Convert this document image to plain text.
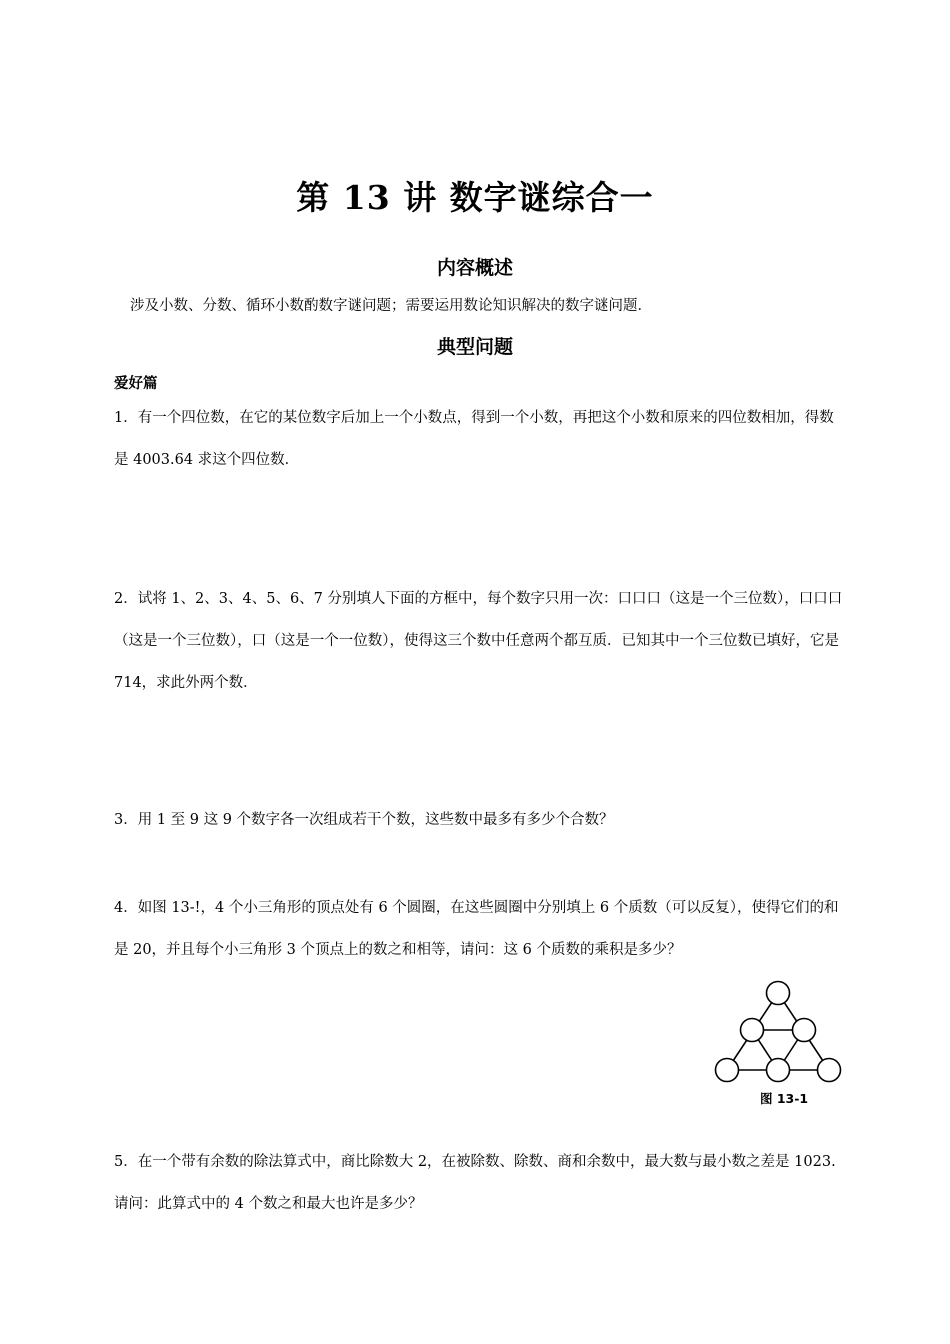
第 13 讲 数字谜综合一
内容概述
涉及小数、分数、循环小数酌数字谜问题；需要运用数论知识解决的数字谜问题．
典型问题
爱好篇

1．有一个四位数，在它的某位数字后加上一个小数点，得到一个小数，再把这个小数和原来的四位数相加，得数是 4003.64 求这个四位数．

2．试将 1、2、3、4、5、6、7 分别填人下面的方框中，每个数字只用一次：口口口（这是一个三位数），口口口（这是一个三位数），口（这是一个一位数），使得这三个数中任意两个都互质．已知其中一个三位数已填好，它是 714，求此外两个数．

3．用 1 至 9 这 9 个数字各一次组成若干个数，这些数中最多有多少个合数？

4．如图 13-!，4 个小三角形的顶点处有 6 个圆圈，在这些圆圈中分别填上 6 个质数（可以反复），使得它们的和是 20，并且每个小三角形 3 个顶点上的数之和相等，请问：这 6 个质数的乘积是多少？

图 13-1

5．在一个带有余数的除法算式中，商比除数大 2，在被除数、除数、商和余数中，最大数与最小数之差是 1023.请问：此算式中的 4 个数之和最大也许是多少？
